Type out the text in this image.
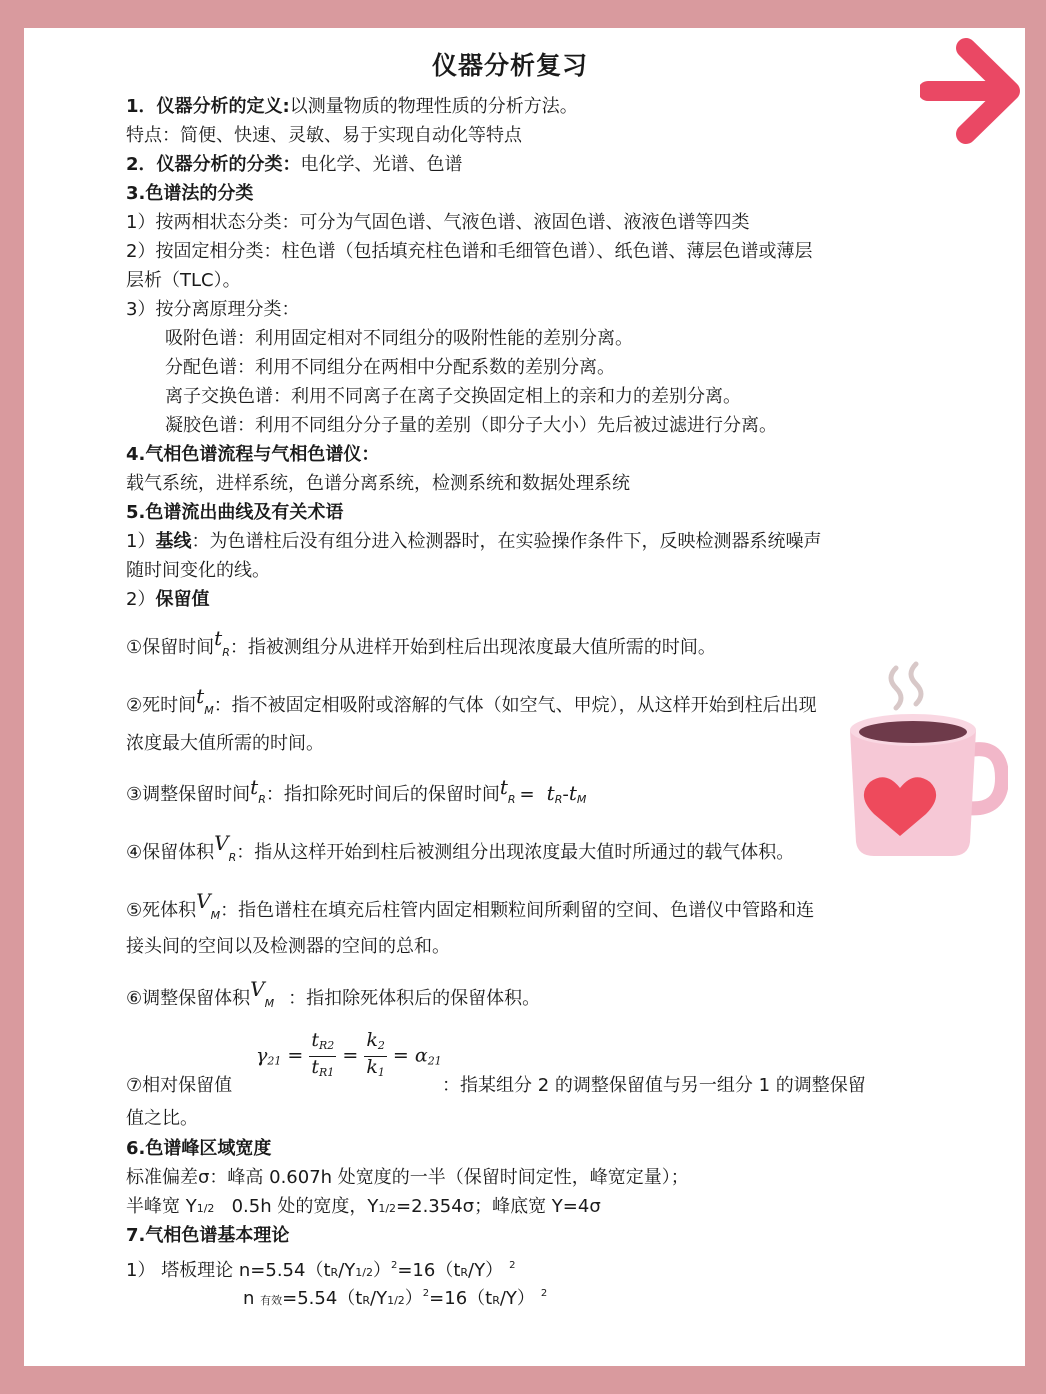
仪器分析复习
1．仪器分析的定义:以测量物质的物理性质的分析方法。
特点：简便、快速、灵敏、易于实现自动化等特点
2．仪器分析的分类：电化学、光谱、色谱
3.色谱法的分类
1）按两相状态分类：可分为气固色谱、气液色谱、液固色谱、液液色谱等四类
2）按固定相分类：柱色谱（包括填充柱色谱和毛细管色谱）、纸色谱、薄层色谱或薄层
层析（TLC）。
3）按分离原理分类：
吸附色谱：利用固定相对不同组分的吸附性能的差别分离。
分配色谱：利用不同组分在两相中分配系数的差别分离。
离子交换色谱：利用不同离子在离子交换固定相上的亲和力的差别分离。
凝胶色谱：利用不同组分分子量的差别（即分子大小）先后被过滤进行分离。
4.气相色谱流程与气相色谱仪：
载气系统，进样系统，色谱分离系统，检测系统和数据处理系统
5.色谱流出曲线及有关术语
1）基线：为色谱柱后没有组分进入检测器时，在实验操作条件下，反映检测器系统噪声
随时间变化的线。
2）保留值
①保留时间$t_R$：指被测组分从进样开始到柱后出现浓度最大值所需的时间。
②死时间$t_M$：指不被固定相吸附或溶解的气体（如空气、甲烷），从这样开始到柱后出现
浓度最大值所需的时间。
③调整保留时间$t_R$：指扣除死时间后的保留时间$t_R = t_R-t_M$
④保留体积$V_R$：指从这样开始到柱后被测组分出现浓度最大值时所通过的载气体积。
⑤死体积$V_M$：指色谱柱在填充后柱管内固定相颗粒间所剩留的空间、色谱仪中管路和连
接头间的空间以及检测器的空间的总和。
⑥调整保留体积$V_M$ ：指扣除死体积后的保留体积。
$\gamma_{21} = \frac{t_{R2}}{t_{R1}} = \frac{k_2}{k_1} = \alpha_{21}$
⑦相对保留值	：指某组分 2 的调整保留值与另一组分 1 的调整保留
值之比。
6.色谱峰区域宽度
标准偏差σ：峰高 0.607h 处宽度的一半（保留时间定性，峰宽定量）；
半峰宽 Y1/2   0.5h 处的宽度，Y1/2=2.354σ；峰底宽 Y=4σ
7.气相色谱基本理论
1） 塔板理论 $n=5.54(tR/Y1/2)^2=16(tR/Y)$ $^2$
n 有效$=5.54(tR/Y1/2)^2=16(tR/Y)$ $^2$
